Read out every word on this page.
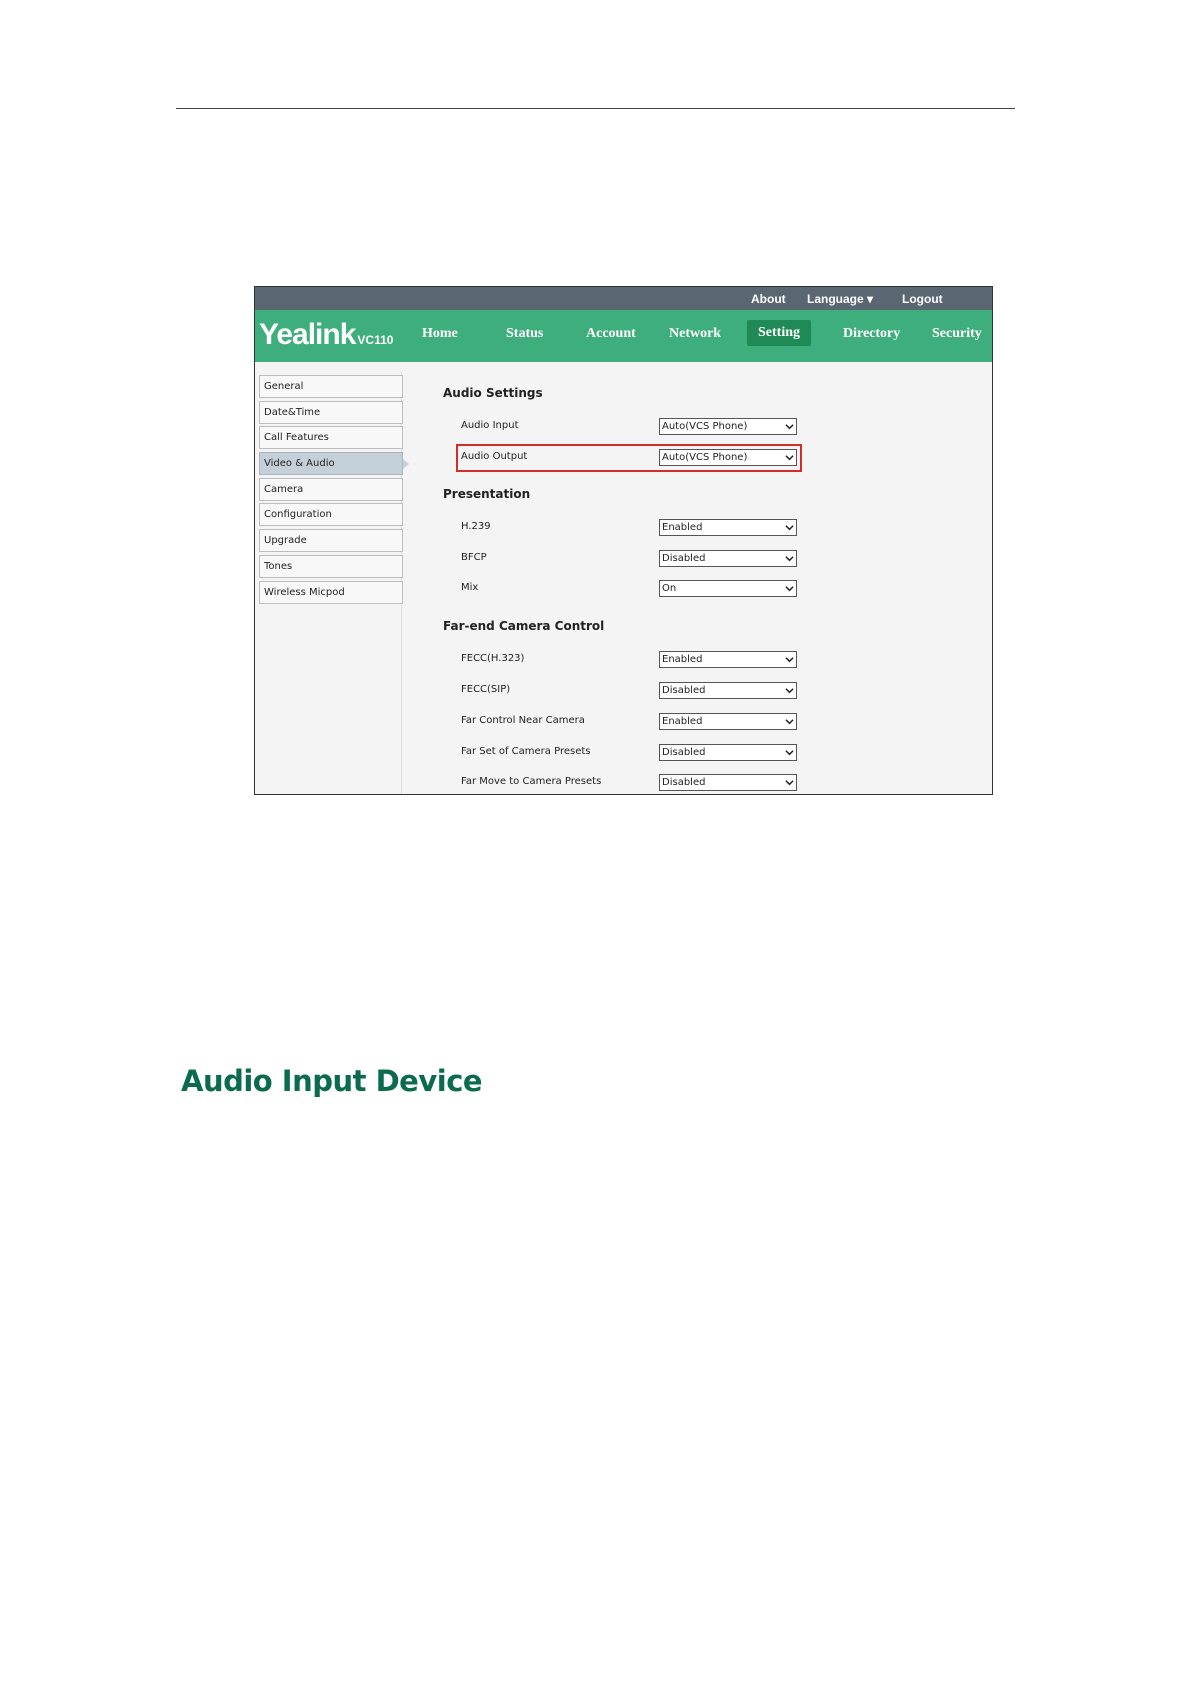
About Language ▾ Logout
Yealink VC110 Home	Status	Account Network	Setting	Directory Security
General
Date&Time
Call Features
Video & Audio
Camera
Configuration
Upgrade
Tones
Wireless Micpod
Audio Settings
Audio Input	Auto(VCS Phone)
Audio Output	Auto(VCS Phone)
Presentation
H.239	Enabled
BFCP	Disabled
Mix	On
Far-end Camera Control
FECC(H.323)	Enabled
FECC(SIP)	Disabled
Far Control Near Camera	Enabled
Far Set of Camera Presets	Disabled
Far Move to Camera Presets	Disabled
Audio Input Device
